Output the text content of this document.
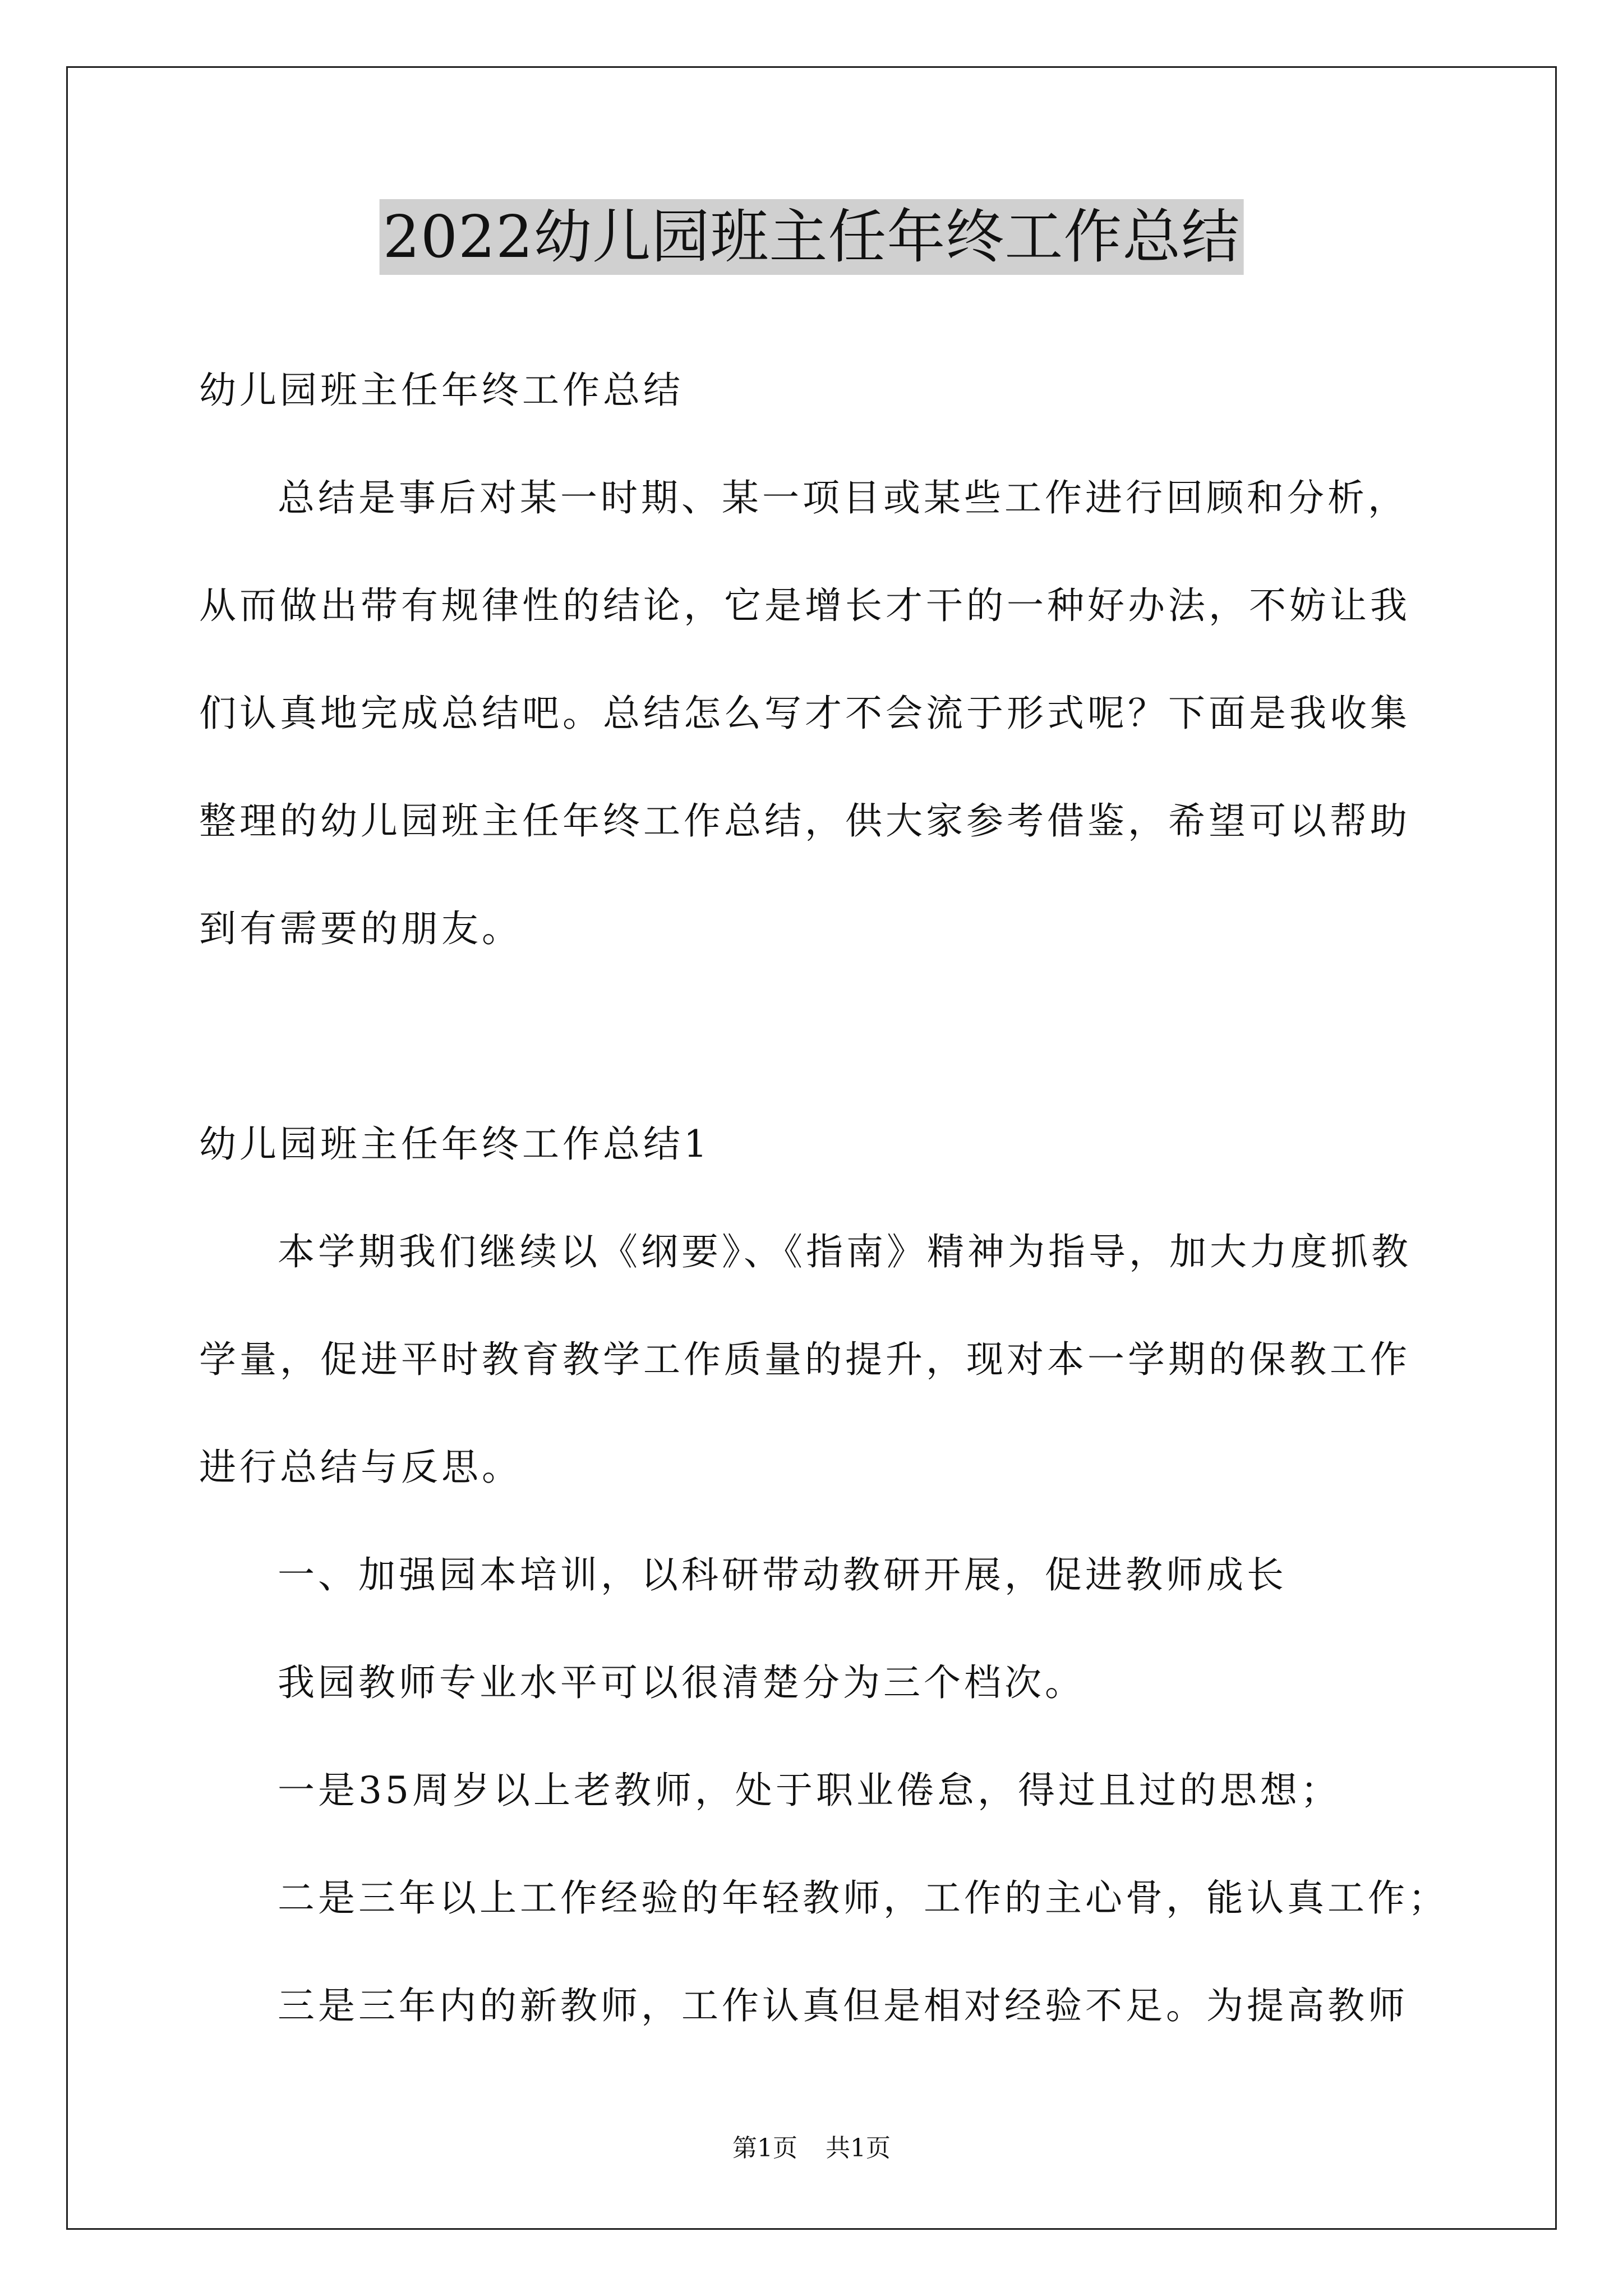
2022幼儿园班主任年终工作总结
幼儿园班主任年终工作总结
总结是事后对某一时期、某一项目或某些工作进行回顾和分析，
从而做出带有规律性的结论，它是增长才干的一种好办法，不妨让我
们认真地完成总结吧。总结怎么写才不会流于形式呢？下面是我收集
整理的幼儿园班主任年终工作总结，供大家参考借鉴，希望可以帮助
到有需要的朋友。
幼儿园班主任年终工作总结1
本学期我们继续以《纲要》、《指南》精神为指导，加大力度抓教
学量，促进平时教育教学工作质量的提升，现对本一学期的保教工作
进行总结与反思。
一、加强园本培训，以科研带动教研开展，促进教师成长
我园教师专业水平可以很清楚分为三个档次。
一是35周岁以上老教师，处于职业倦怠，得过且过的思想；
二是三年以上工作经验的年轻教师，工作的主心骨，能认真工作；
三是三年内的新教师，工作认真但是相对经验不足。为提高教师
第1页 共1页
